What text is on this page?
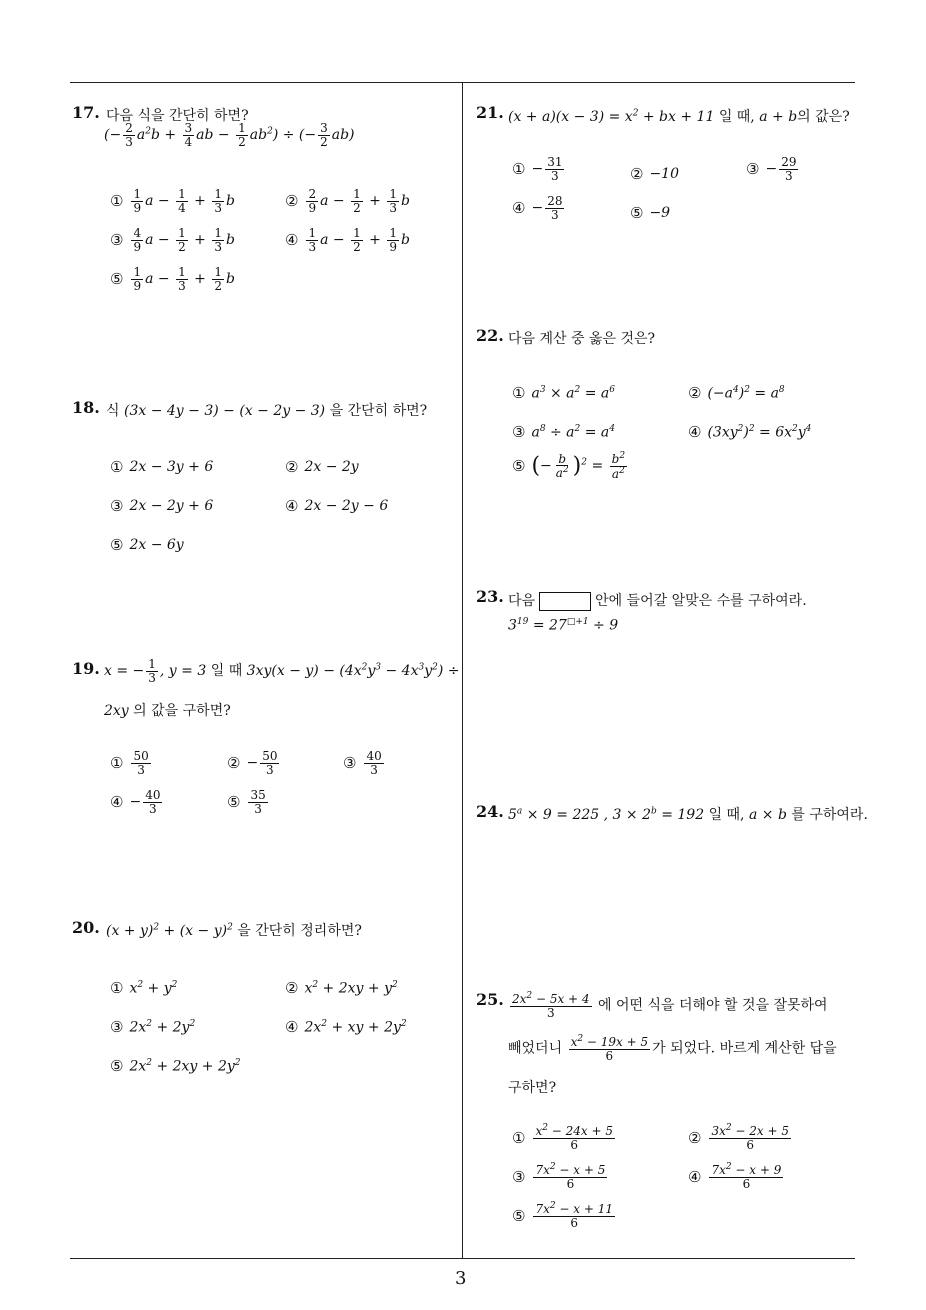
17. 다음 식을 간단히 하면?
(− $\frac{2}{3} a^2b + \frac{3}{4}$ ab − $\frac{1}{2} ab^2$) ÷ (− $\frac{3}{2} ab$)
① $\frac{1}{9}$ $a - \frac{1}{4} + \frac{1}{3}$ b	② $\frac{2}{9}$ $a - \frac{1}{2} + \frac{1}{3}$ b
③ $\frac{4}{9}$ $a - \frac{1}{2} + \frac{1}{3}$ b	④ $\frac{1}{3}$ $a - \frac{1}{2} + \frac{1}{9}$ b
⑤ $\frac{1}{9}$ $a - \frac{1}{3} + \frac{1}{2}$ b
18. 식 (3x − 4y − 3) − (x − 2y − 3) 을 간단히 하면?
① 2x − 3y + 6	② 2x − 2y
③ 2x − 2y + 6	④ 2x − 2y − 6
⑤ 2x − 6y
19. x = − $\frac{1}{3}$ , y = 3 일 때 $3xy(x - y) - (4x^2y^3 - 4x^3y^2)$ ÷
2xy 의 값을 구하면?
① $\frac{50}{3}$	② − $\frac{50}{3}$	③ $\frac{40}{3}$
④ − $\frac{40}{3}$	⑤ $\frac{35}{3}$
20. $(x + y)^2 + (x - y)^2$ 을 간단히 정리하면?
① $x^2 + y^2$	② $x^2 + 2xy + y^2$
③ $2x^2 + 2y^2$	④ $2x^2$ + xy + $2y^2$
⑤ $2x^2 + 2xy + 2y^2$
21. $(x + a)(x - 3) = x^2$ + bx + 11 일 때, a + b의 값은?
① − $\frac{31}{3}$	② −10	③ − $\frac{29}{3}$
④ − $\frac{28}{3}$	⑤ −9
22. 다음 계산 중 옳은 것은?
① $a^3 \times a^2 = a^6$	② $(-a^4)^2 = a^8$
③ $a^8 \div a^2 = a^4$	④ $(3xy^2)^2 = 6x^2y^4$
⑤ (− $\frac{b}{a^2} )^2 = \frac{b^2}{a^2}$
23. 다음	안에 들어갈 알맞은 수를 구하여라.
$3^{19} = 27^{□+1} \div 9$
24. $5^a \times 9 = 225$ , $3 \times 2^b = 192$ 일 때, a × b 를 구하여라.
25. $\frac{2x^2 - 5x + 4}{3}$ 에 어떤 식을 더해야 할 것을 잘못하여
빼었더니 $\frac{x^2 - 19x + 5}{6}$ 가 되었다. 바르게 계산한 답을
구하면?
① $\frac{x^2 - 24x + 5}{6}$	② $\frac{3x^2 - 2x + 5}{6}$
③ $\frac{7x^2 - x + 5}{6}$	④ $\frac{7x^2 - x + 9}{6}$
⑤ $\frac{7x^2 - x + 11}{6}$
3
